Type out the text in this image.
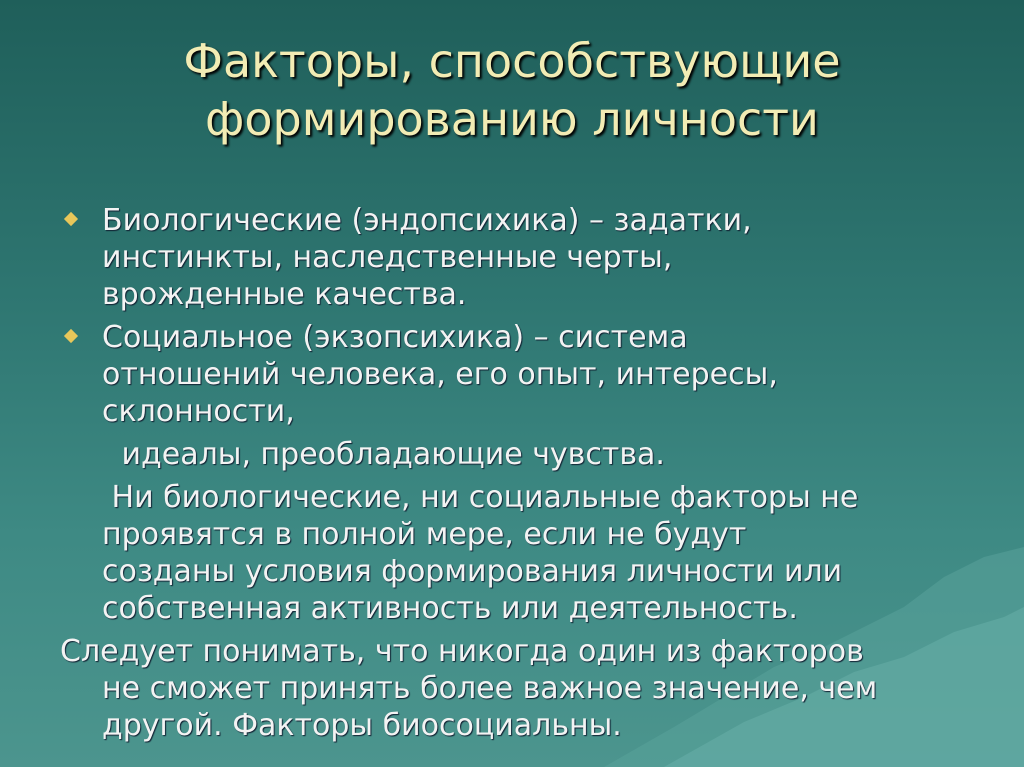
Факторы, способствующие
формированию личности
Биологические (эндопсихика) – задатки,
инстинкты, наследственные черты,
врожденные качества.
Социальное (экзопсихика) – система
отношений человека, его опыт, интересы,
склонности,
идеалы, преобладающие чувства.
Ни биологические, ни социальные факторы не
проявятся в полной мере, если не будут
созданы условия формирования личности или
собственная активность или деятельность.
Следует понимать, что никогда один из факторов
не сможет принять более важное значение, чем
другой. Факторы биосоциальны.
